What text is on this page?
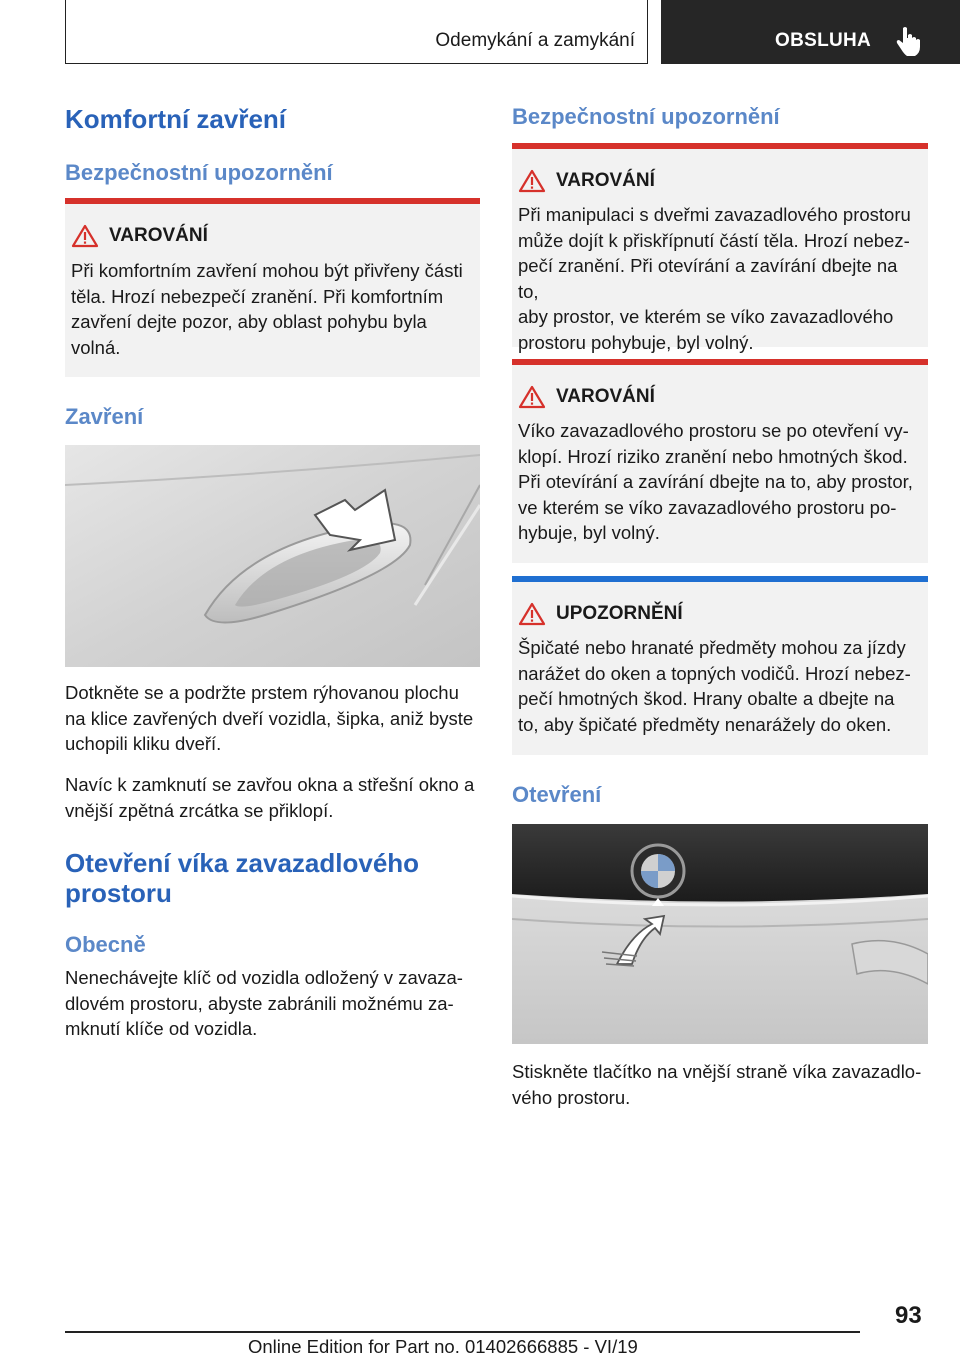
Odemykání a zamykání	OBSLUHA
Komfortní zavření
Bezpečnostní upozornění
VAROVÁNÍ
Při komfortním zavření mohou být přivřeny části
těla. Hrozí nebezpečí zranění. Při komfortním
zavření dejte pozor, aby oblast pohybu byla
volná.
Zavření
Dotkněte se a podržte prstem rýhovanou plochu
na klice zavřených dveří vozidla, šipka, aniž byste
uchopili kliku dveří.
Navíc k zamknutí se zavřou okna a střešní okno a
vnější zpětná zrcátka se přiklopí.
Otevření víka zavazadlového
prostoru
Obecně
Nenechávejte klíč od vozidla odložený v zavaza-
dlovém prostoru, abyste zabránili možnému za-
mknutí klíče od vozidla.
Bezpečnostní upozornění
VAROVÁNÍ
Při manipulaci s dveřmi zavazadlového prostoru
může dojít k přiskřípnutí částí těla. Hrozí nebez-
pečí zranění. Při otevírání a zavírání dbejte na to,
aby prostor, ve kterém se víko zavazadlového
prostoru pohybuje, byl volný.
VAROVÁNÍ
Víko zavazadlového prostoru se po otevření vy-
klopí. Hrozí riziko zranění nebo hmotných škod.
Při otevírání a zavírání dbejte na to, aby prostor,
ve kterém se víko zavazadlového prostoru po-
hybuje, byl volný.
UPOZORNĚNÍ
Špičaté nebo hranaté předměty mohou za jízdy
narážet do oken a topných vodičů. Hrozí nebez-
pečí hmotných škod. Hrany obalte a dbejte na
to, aby špičaté předměty nenarážely do oken.
Otevření
Stiskněte tlačítko na vnější straně víka zavazadlo-
vého prostoru.
93
Online Edition for Part no. 01402666885 - VI/19
